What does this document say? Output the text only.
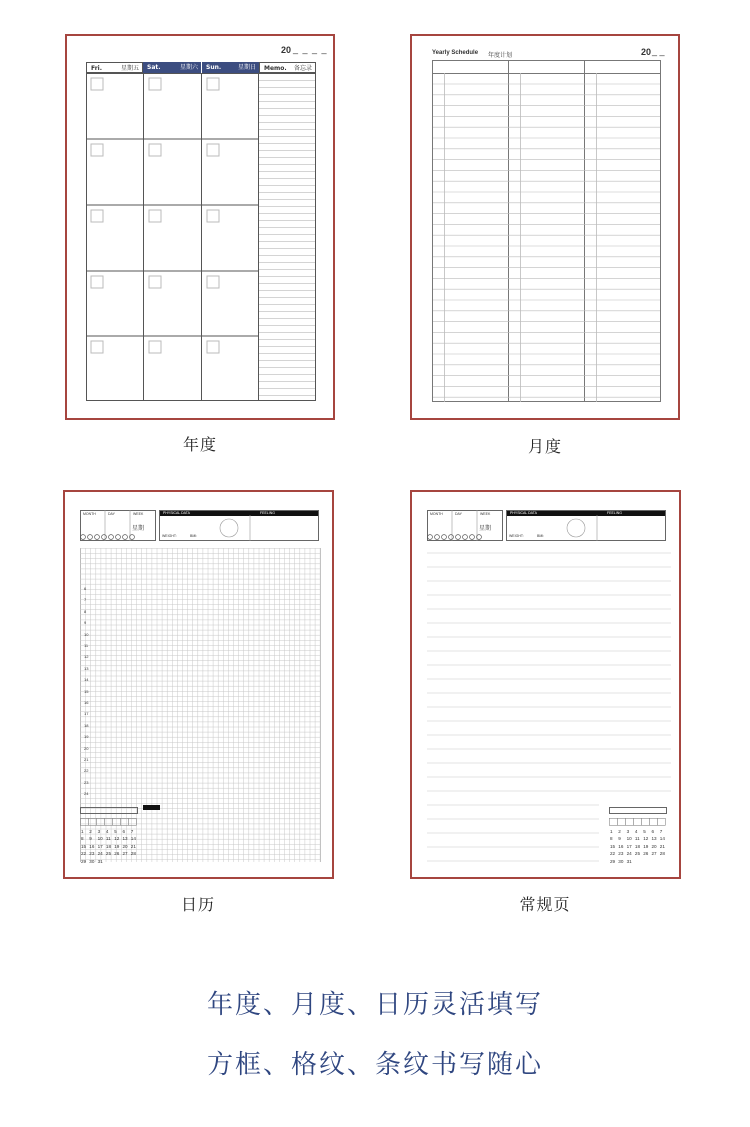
20 _ _ _ _
Fri.	星期五 Sat.	星期六 Sun.	星期日 Memo. 备忘录
年度
Yearly Schedule 年度计划	20 _ _
月度
MONTH	DAY	WEEK
星期
PHYSICAL DATA	FEELING
WEIGHT:	BMI:
6
7
8
9
10
11
12
13
14
15
16
17
18
19
20
21
22
23
24
1 2 3 4 5 6 7
8 9 10 11 12 13 14
15 16 17 18 19 20 21
22 23 24 25 26 27 28
29 30 31
日历
MONTH	DAY	WEEK
星期
PHYSICAL DATA	FEELING
WEIGHT:	BMI:
1 2 3 4 5 6 7
8 9 10 11 12 13 14
15 16 17 18 19 20 21
22 23 24 25 26 27 28
29 30 31
常规页
年度、月度、日历灵活填写
方框、格纹、条纹书写随心
